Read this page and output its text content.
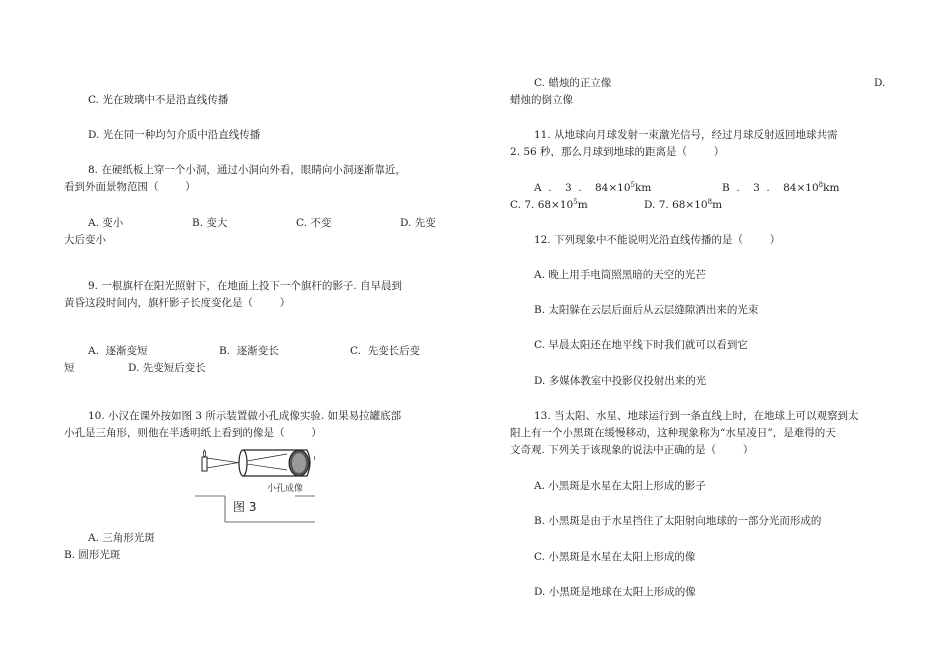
C. 光在玻璃中不是沿直线传播
D. 光在同一种均匀介质中沿直线传播
8. 在硬纸板上穿一个小洞，通过小洞向外看，眼睛向小洞逐渐靠近，
看到外面景物范围（        ）
A. 变小	B. 变大	C. 不变	D. 先变
大后变小
9. 一根旗杆在阳光照射下，在地面上投下一个旗杆的影子. 自早晨到
黄昏这段时间内，旗杆影子长度变化是（        ）
A.  逐渐变短	B.  逐渐变长	C.  先变长后变
短	D. 先变短后变长
10. 小汉在课外按如图 3 所示装置做小孔成像实验. 如果易拉罐底部
小孔是三角形，则他在半透明纸上看到的像是（        ）
小孔成像
图 3
A. 三角形光斑
B. 圆形光斑
C. 蜡烛的正立像	D.
蜡烛的倒立像
11. 从地球向月球发射一束激光信号，经过月球反射返回地球共需
2. 56 秒，那么月球到地球的距离是（        ）
A  .    3  .    $84\times 10^5km$	B  .    3  .    $84\times 10^8km$
C. 7. $68\times 10^5m$	D. 7. $68\times 10^8m$
12. 下列现象中不能说明光沿直线传播的是（        ）
A. 晚上用手电筒照黑暗的天空的光芒
B. 太阳躲在云层后面后从云层缝隙洒出来的光束
C. 早晨太阳还在地平线下时我们就可以看到它
D. 多媒体教室中投影仪投射出来的光
13. 当太阳、水星、地球运行到一条直线上时，在地球上可以观察到太
阳上有一个小黑斑在缓慢移动，这种现象称为“水星凌日”，是难得的天
文奇观. 下列关于该现象的说法中正确的是（        ）
A. 小黑斑是水星在太阳上形成的影子
B. 小黑斑是由于水星挡住了太阳射向地球的一部分光而形成的
C. 小黑斑是水星在太阳上形成的像
D. 小黑斑是地球在太阳上形成的像
